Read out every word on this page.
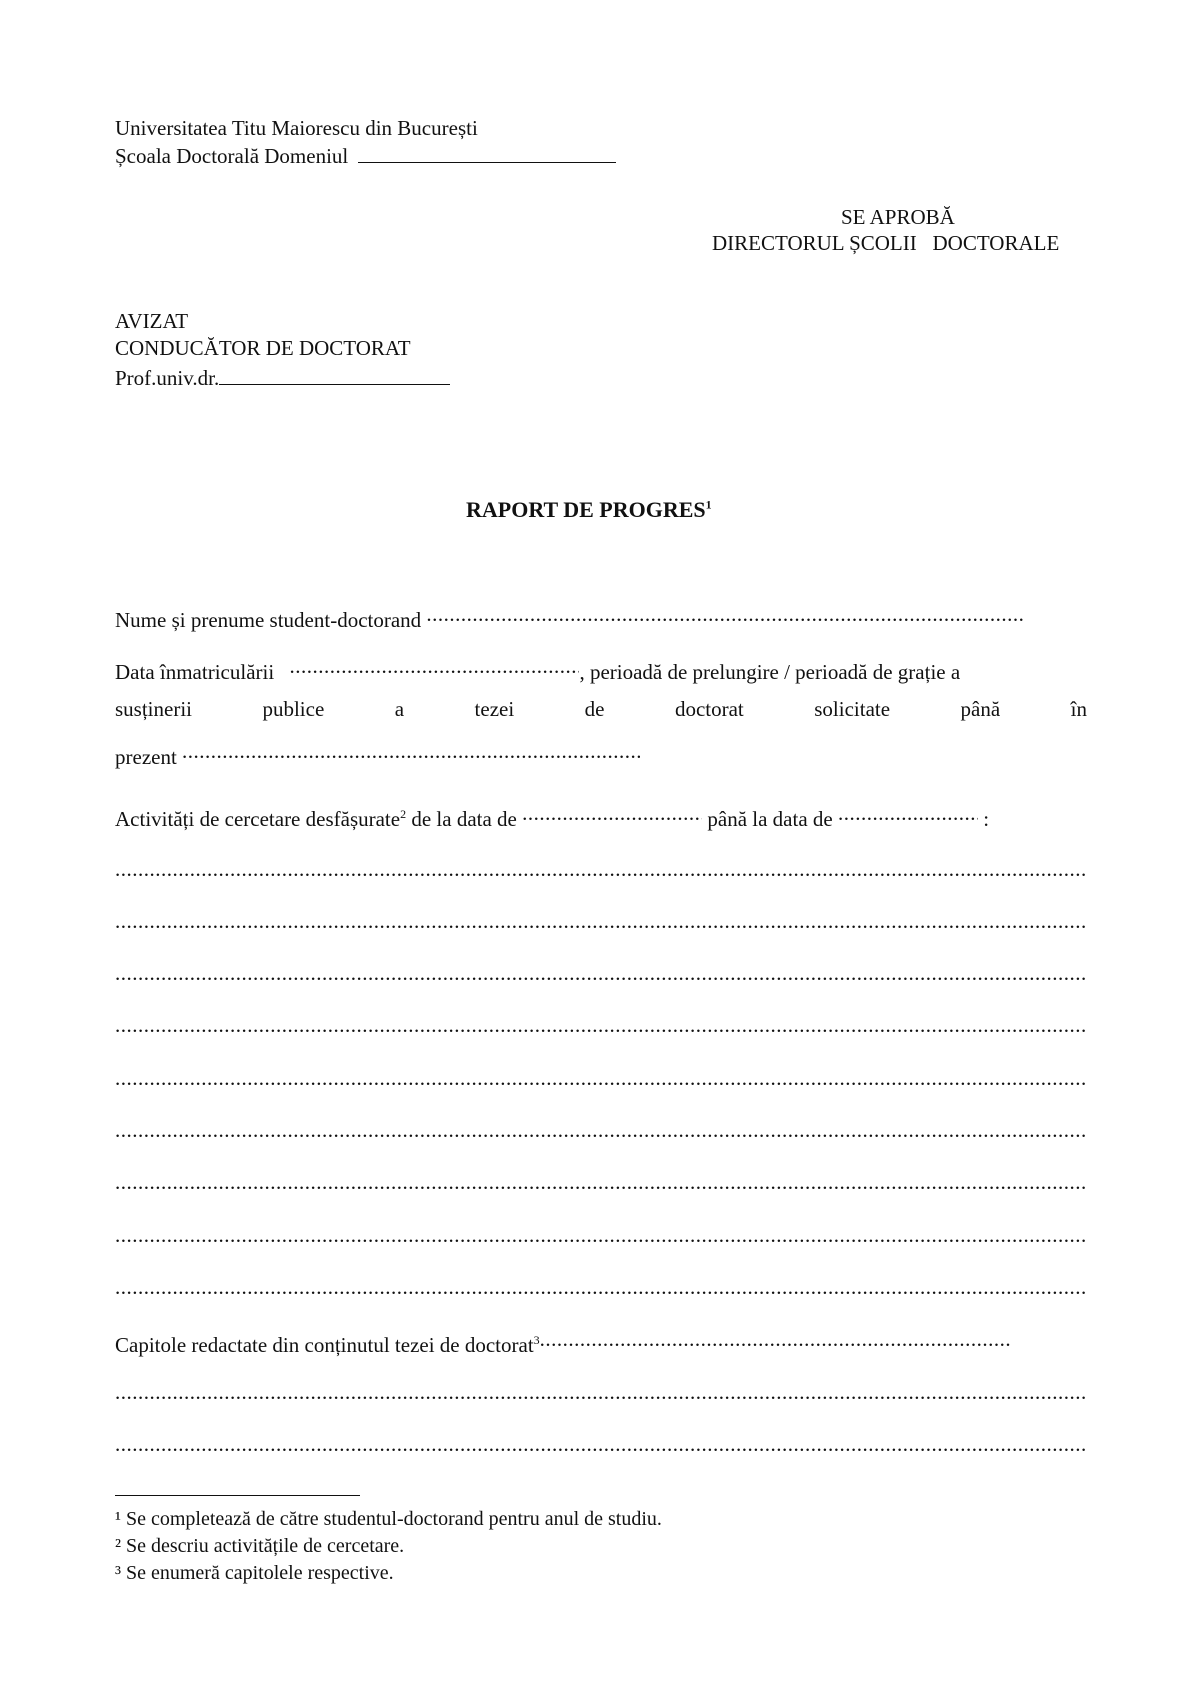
Universitatea Titu Maiorescu din București
Școala Doctorală Domeniul
SE APROBĂ
DIRECTORUL ȘCOLII   DOCTORALE
AVIZAT
CONDUCĂTOR DE DOCTORAT
Prof.univ.dr.
RAPORT DE PROGRES$^1$
Nume și prenume student-doctorand .....
Data înmatriculării .....	, perioadă de prelungire / perioadă de grație a
susținerii	publice	a	tezei	de	doctorat	solicitate	până	în
prezent .....
Activități de cercetare desfășurate$^2$ de la data de .....	până la data de .....	:
.....
.....
.....
.....
.....
.....
.....
.....
.....
Capitole redactate din conținutul tezei de doctorat$^3$.....
.....
.....
¹ Se completează de către studentul-doctorand pentru anul de studiu.
² Se descriu activitățile de cercetare.
³ Se enumeră capitolele respective.
